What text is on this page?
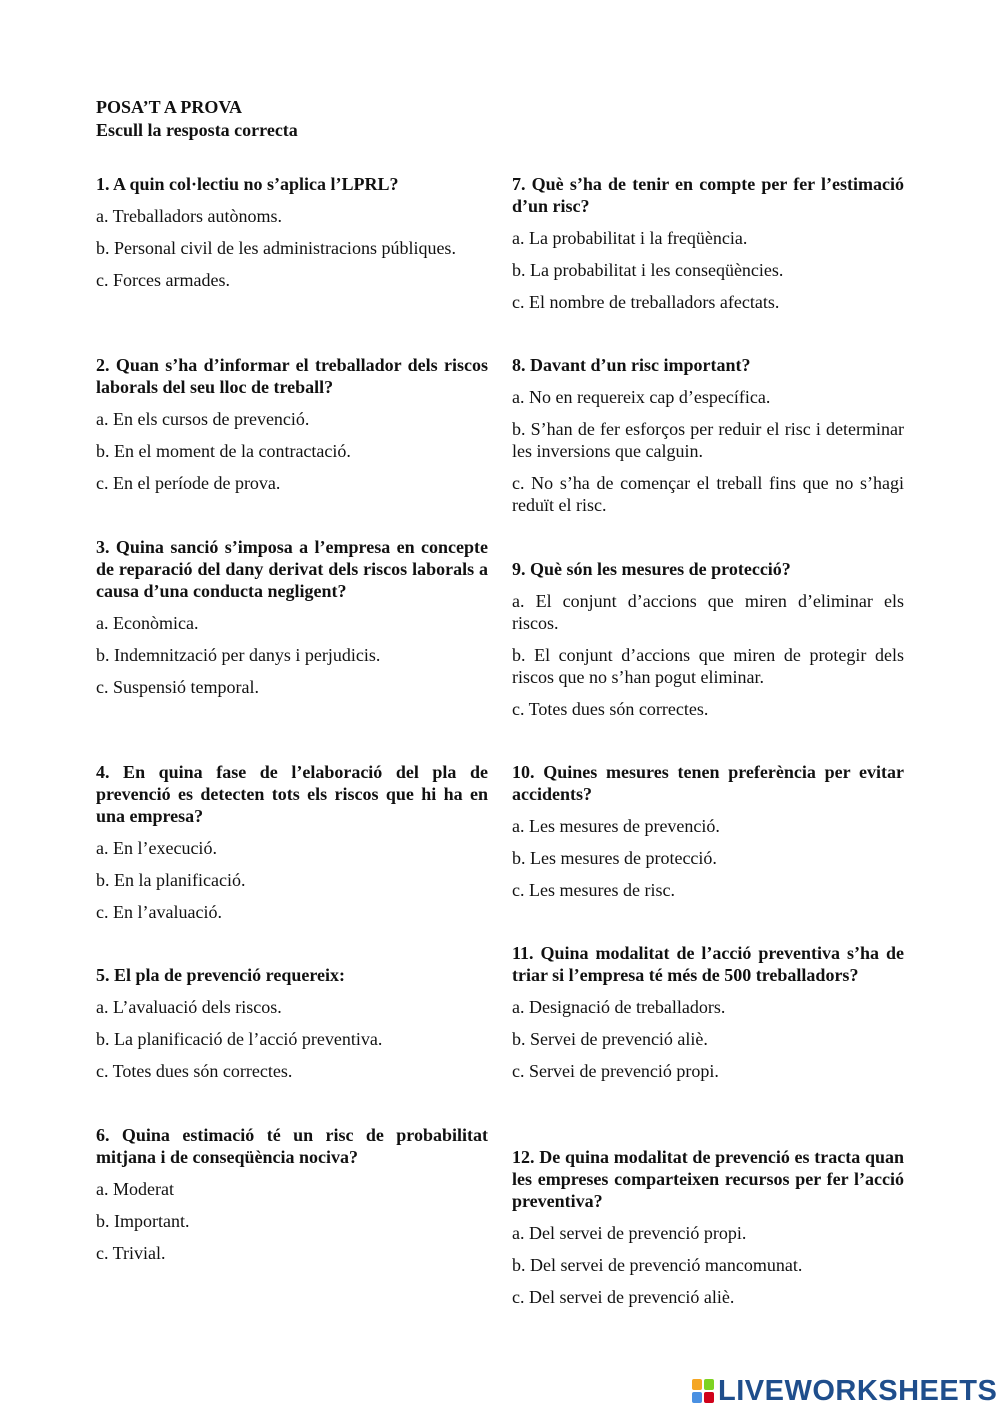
POSA’T A PROVA
Escull la resposta correcta
1. A quin col·lectiu no s’aplica l’LPRL?
a. Treballadors autònoms.
b. Personal civil de les administracions públiques.
c. Forces armades.
2. Quan s’ha d’informar el treballador dels riscos laborals del seu lloc de treball?
a. En els cursos de prevenció.
b. En el moment de la contractació.
c. En el període de prova.
3. Quina sanció s’imposa a l’empresa en concepte de reparació del dany derivat dels riscos laborals a causa d’una conducta negligent?
a. Econòmica.
b. Indemnització per danys i perjudicis.
c. Suspensió temporal.
4. En quina fase de l’elaboració del pla de prevenció es detecten tots els riscos que hi ha en una empresa?
a. En l’execució.
b. En la planificació.
c. En l’avaluació.
5. El pla de prevenció requereix:
a. L’avaluació dels riscos.
b. La planificació de l’acció preventiva.
c. Totes dues són correctes.
6. Quina estimació té un risc de probabilitat mitjana i de conseqüència nociva?
a. Moderat
b. Important.
c. Trivial.
7. Què s’ha de tenir en compte per fer l’estimació d’un risc?
a. La probabilitat i la freqüència.
b. La probabilitat i les conseqüències.
c. El nombre de treballadors afectats.
8. Davant d’un risc important?
a. No en requereix cap d’específica.
b. S’han de fer esforços per reduir el risc i determinar les inversions que calguin.
c. No s’ha de començar el treball fins que no s’hagi reduït el risc.
9. Què són les mesures de protecció?
a. El conjunt d’accions que miren d’eliminar els riscos.
b. El conjunt d’accions que miren de protegir dels riscos que no s’han pogut eliminar.
c. Totes dues són correctes.
10. Quines mesures tenen preferència per evitar accidents?
a. Les mesures de prevenció.
b. Les mesures de protecció.
c. Les mesures de risc.
11. Quina modalitat de l’acció preventiva s’ha de triar si l’empresa té més de 500 treballadors?
a. Designació de treballadors.
b. Servei de prevenció aliè.
c. Servei de prevenció propi.
12. De quina modalitat de prevenció es tracta quan les empreses comparteixen recursos per fer l’acció preventiva?
a. Del servei de prevenció propi.
b. Del servei de prevenció mancomunat.
c. Del servei de prevenció aliè.
LIVEWORKSHEETS
